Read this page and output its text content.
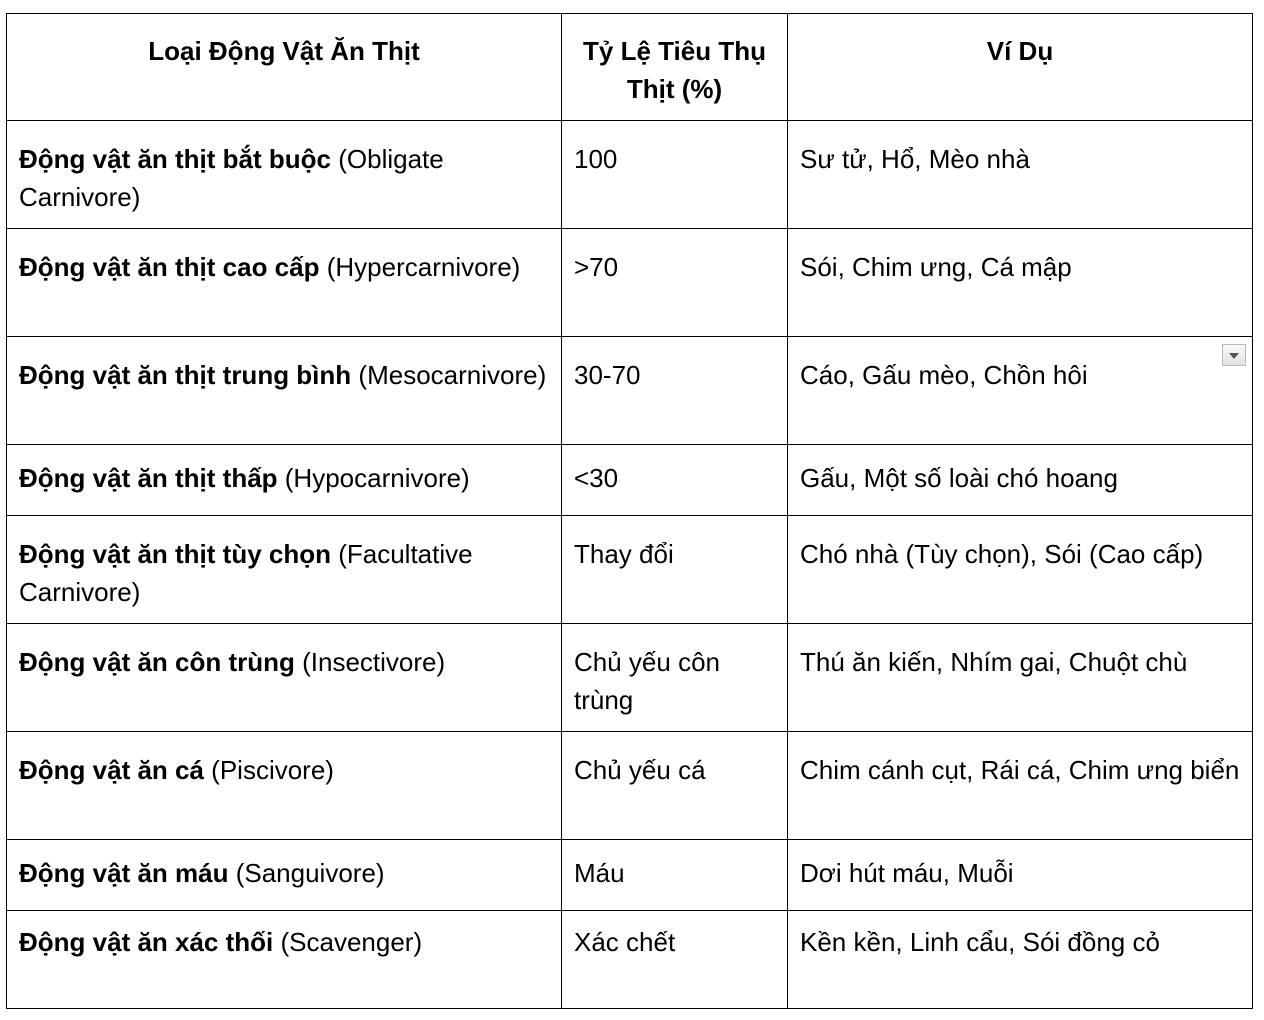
Loại Động Vật Ăn Thịt	Tỷ Lệ Tiêu Thụ Thịt (%)	Ví Dụ
Động vật ăn thịt bắt buộc (Obligate Carnivore)	100	Sư tử, Hổ, Mèo nhà
Động vật ăn thịt cao cấp (Hypercarnivore)	>70	Sói, Chim ưng, Cá mập
Động vật ăn thịt trung bình (Mesocarnivore)	30-70	Cáo, Gấu mèo, Chồn hôi
Động vật ăn thịt thấp (Hypocarnivore)	<30	Gấu, Một số loài chó hoang
Động vật ăn thịt tùy chọn (Facultative Carnivore)	Thay đổi	Chó nhà (Tùy chọn), Sói (Cao cấp)
Động vật ăn côn trùng (Insectivore)	Chủ yếu côn trùng	Thú ăn kiến, Nhím gai, Chuột chù
Động vật ăn cá (Piscivore)	Chủ yếu cá	Chim cánh cụt, Rái cá, Chim ưng biển
Động vật ăn máu (Sanguivore)	Máu	Dơi hút máu, Muỗi
Động vật ăn xác thối (Scavenger)	Xác chết	Kền kền, Linh cẩu, Sói đồng cỏ
